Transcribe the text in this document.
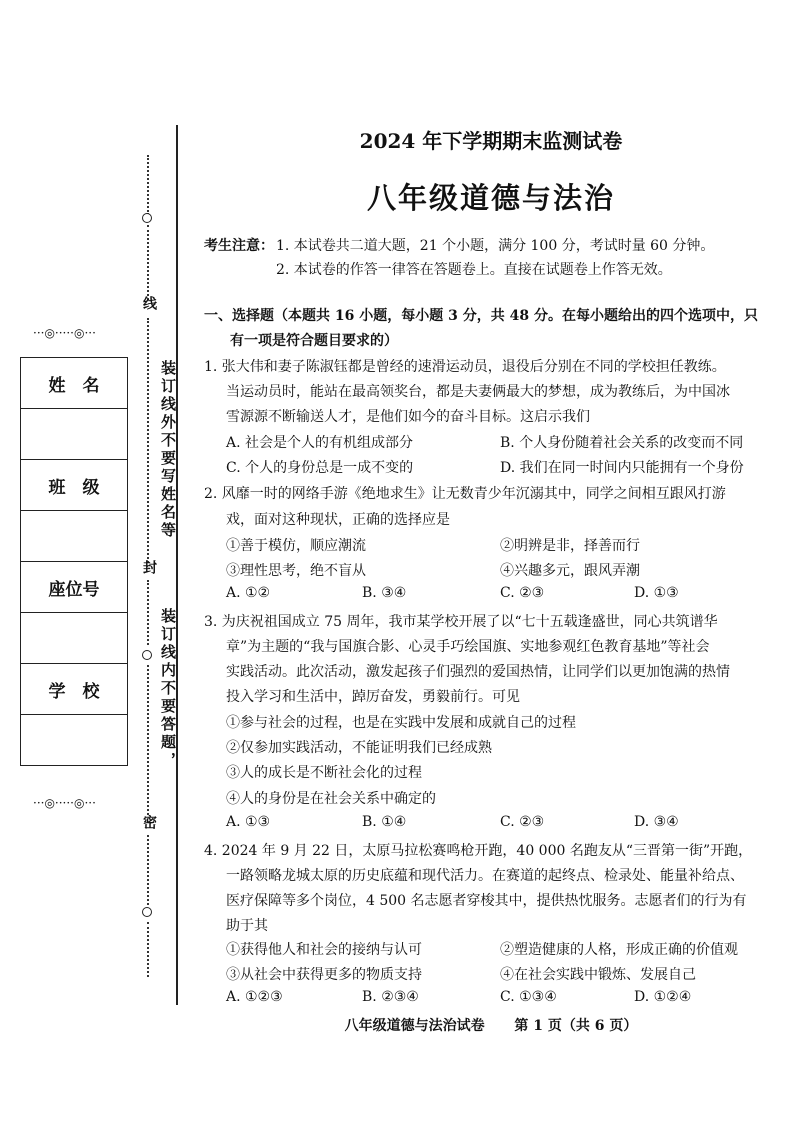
线
封
密
···◎·····◎···
···◎·····◎···
装订线外不要写姓名等
装订线内不要答题，
姓　名

班　级

座位号

学　校

2024 年下学期期末监测试卷
八年级道德与法治
考生注意： 1. 本试卷共二道大题，21 个小题，满分 100 分，考试时量 60 分钟。
2. 本试卷的作答一律答在答题卷上。直接在试题卷上作答无效。
一、选择题（本题共 16 小题，每小题 3 分，共 48 分。在每小题给出的四个选项中，只
有一项是符合题目要求的）
1. 张大伟和妻子陈淑钰都是曾经的速滑运动员，退役后分别在不同的学校担任教练。
当运动员时，能站在最高领奖台，都是夫妻俩最大的梦想，成为教练后，为中国冰
雪源源不断输送人才，是他们如今的奋斗目标。这启示我们
A. 社会是个人的有机组成部分	B. 个人身份随着社会关系的改变而不同
C. 个人的身份总是一成不变的	D. 我们在同一时间内只能拥有一个身份
2. 风靡一时的网络手游《绝地求生》让无数青少年沉溺其中，同学之间相互跟风打游
戏，面对这种现状，正确的选择应是
①善于模仿，顺应潮流	②明辨是非，择善而行
③理性思考，绝不盲从	④兴趣多元，跟风弄潮
A. ①②	B. ③④	C. ②③	D. ①③
3. 为庆祝祖国成立 75 周年，我市某学校开展了以“七十五载逢盛世，同心共筑谱华
章”为主题的“我与国旗合影、心灵手巧绘国旗、实地参观红色教育基地”等社会
实践活动。此次活动，激发起孩子们强烈的爱国热情，让同学们以更加饱满的热情
投入学习和生活中，踔厉奋发，勇毅前行。可见
①参与社会的过程，也是在实践中发展和成就自己的过程
②仅参加实践活动，不能证明我们已经成熟
③人的成长是不断社会化的过程
④人的身份是在社会关系中确定的
A. ①③	B. ①④	C. ②③	D. ③④
4. 2024 年 9 月 22 日，太原马拉松赛鸣枪开跑，40 000 名跑友从“三晋第一街”开跑，
一路领略龙城太原的历史底蕴和现代活力。在赛道的起终点、检录处、能量补给点、
医疗保障等多个岗位，4 500 名志愿者穿梭其中，提供热忱服务。志愿者们的行为有
助于其
①获得他人和社会的接纳与认可	②塑造健康的人格，形成正确的价值观
③从社会中获得更多的物质支持	④在社会实践中锻炼、发展自己
A. ①②③	B. ②③④	C. ①③④	D. ①②④
八年级道德与法治试卷 第 1 页（共 6 页）
